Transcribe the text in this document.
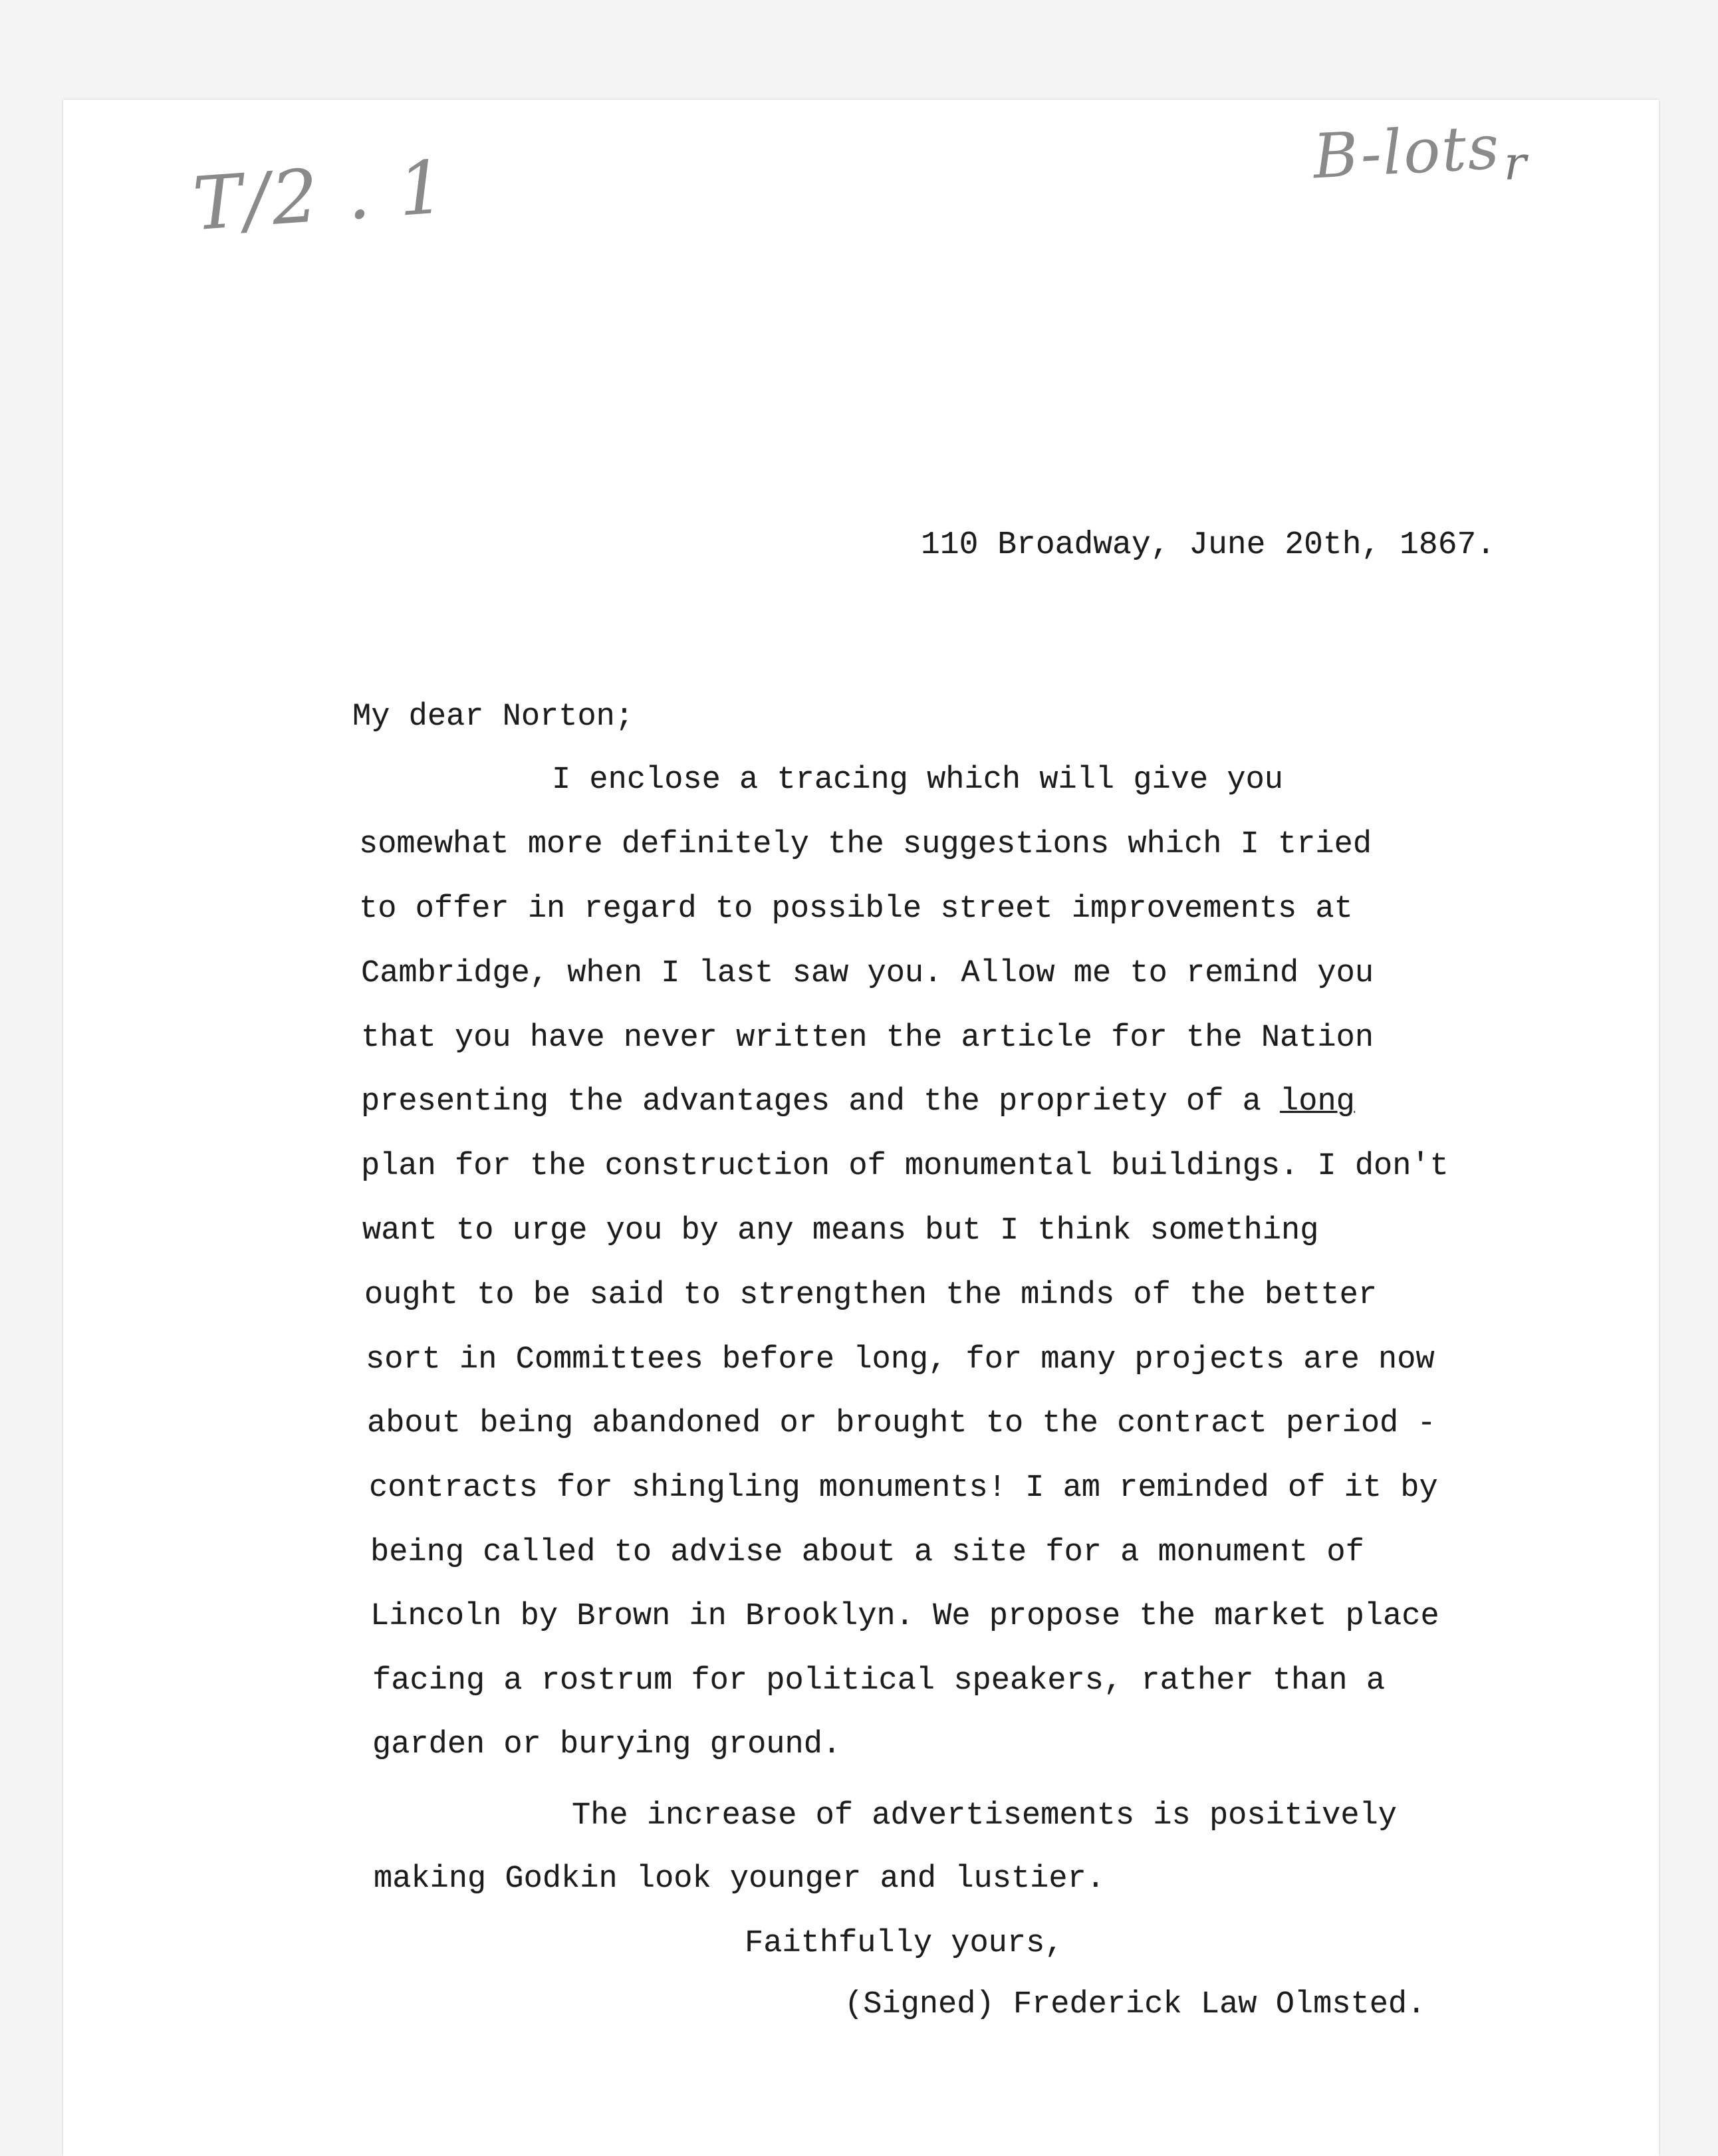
T/2 . 1	B-lots r
110 Broadway, June 20th, 1867.
My dear Norton;
I enclose a tracing which will give you
somewhat more definitely the suggestions which I tried
to offer in regard to possible street improvements at
Cambridge, when I last saw you. Allow me to remind you
that you have never written the article for the Nation
presenting the advantages and the propriety of a long
plan for the construction of monumental buildings. I don't
want to urge you by any means but I think something
ought to be said to strengthen the minds of the better
sort in Committees before long, for many projects are now
about being abandoned or brought to the contract period -
contracts for shingling monuments! I am reminded of it by
being called to advise about a site for a monument of
Lincoln by Brown in Brooklyn. We propose the market place
facing a rostrum for political speakers, rather than a
garden or burying ground.
The increase of advertisements is positively
making Godkin look younger and lustier.
Faithfully yours,
(Signed) Frederick Law Olmsted.
